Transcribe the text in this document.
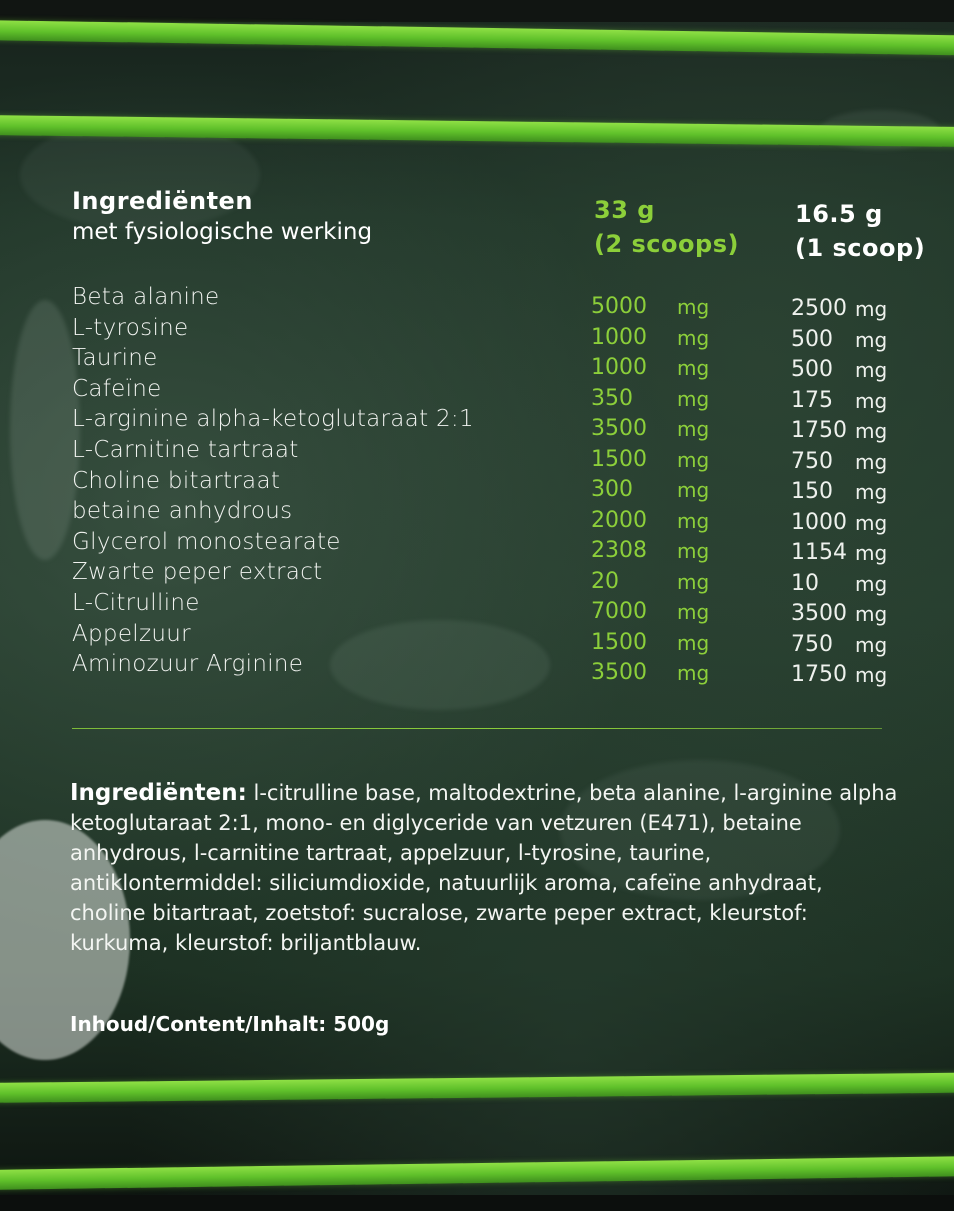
Ingrediënten
met fysiologische werking
33 g
(2 scoops)
16.5 g
(1 scoop)
Beta alanine
L-tyrosine
Taurine
Cafeïne
L-arginine alpha-ketoglutaraat 2:1
L-Carnitine tartraat
Choline bitartraat
betaine anhydrous
Glycerol monostearate
Zwarte peper extract
L-Citrulline
Appelzuur
Aminozuur Arginine
5000 mg
1000 mg
1000 mg
350 mg
3500 mg
1500 mg
300 mg
2000 mg
2308 mg
20	mg
7000 mg
1500 mg
3500 mg
2500 mg
500 mg
500 mg
175 mg
1750 mg
750 mg
150 mg
1000 mg
1154 mg
10 mg
3500 mg
750 mg
1750 mg

Ingrediënten: l-citrulline base, maltodextrine, beta alanine, l-arginine alpha ketoglutaraat 2:1, mono- en diglyceride van vetzuren (E471), betaine anhydrous, l-carnitine tartraat, appelzuur, l-tyrosine, taurine, antiklontermiddel: siliciumdioxide, natuurlijk aroma, cafeïne anhydraat, choline bitartraat, zoetstof: sucralose, zwarte peper extract, kleurstof: kurkuma, kleurstof: briljantblauw.

Inhoud/Content/Inhalt: 500g
